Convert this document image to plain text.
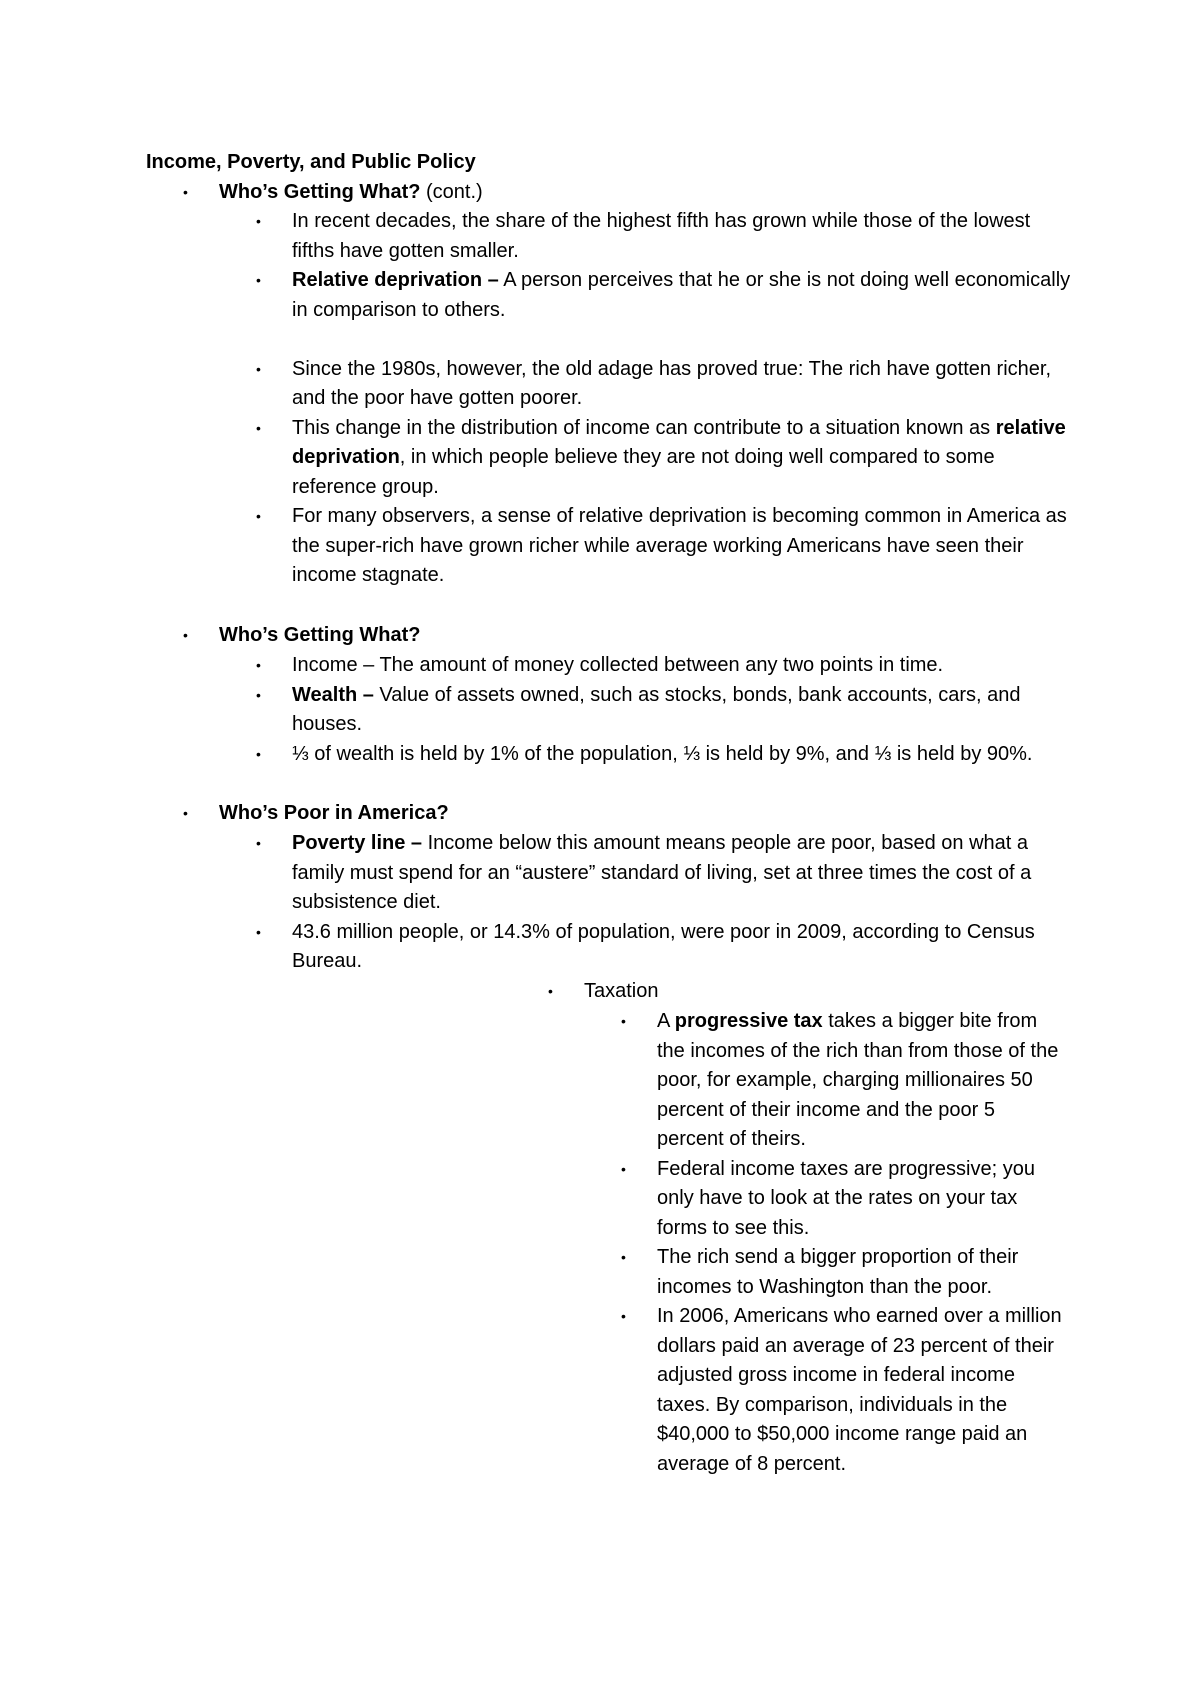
Income, Poverty, and Public Policy
• Who’s Getting What? (cont.)
• In recent decades, the share of the highest fifth has grown while those of the lowest fifths have gotten smaller.
• Relative deprivation – A person perceives that he or she is not doing well economically in comparison to others.
• Since the 1980s, however, the old adage has proved true: The rich have gotten richer, and the poor have gotten poorer.
• This change in the distribution of income can contribute to a situation known as relative deprivation, in which people believe they are not doing well compared to some reference group.
• For many observers, a sense of relative deprivation is becoming common in America as the super-rich have grown richer while average working Americans have seen their income stagnate.
• Who’s Getting What?
• Income – The amount of money collected between any two points in time.
• Wealth – Value of assets owned, such as stocks, bonds, bank accounts, cars, and houses.
• ⅓ of wealth is held by 1% of the population, ⅓ is held by 9%, and ⅓ is held by 90%.
• Who’s Poor in America?
• Poverty line – Income below this amount means people are poor, based on what a family must spend for an “austere” standard of living, set at three times the cost of a subsistence diet.
• 43.6 million people, or 14.3% of population, were poor in 2009, according to Census Bureau.
• Taxation
• A progressive tax takes a bigger bite from the incomes of the rich than from those of the poor, for example, charging millionaires 50 percent of their income and the poor 5 percent of theirs.
• Federal income taxes are progressive; you only have to look at the rates on your tax forms to see this.
• The rich send a bigger proportion of their incomes to Washington than the poor.
• In 2006, Americans who earned over a million dollars paid an average of 23 percent of their adjusted gross income in federal income taxes. By comparison, individuals in the $40,000 to $50,000 income range paid an average of 8 percent.
